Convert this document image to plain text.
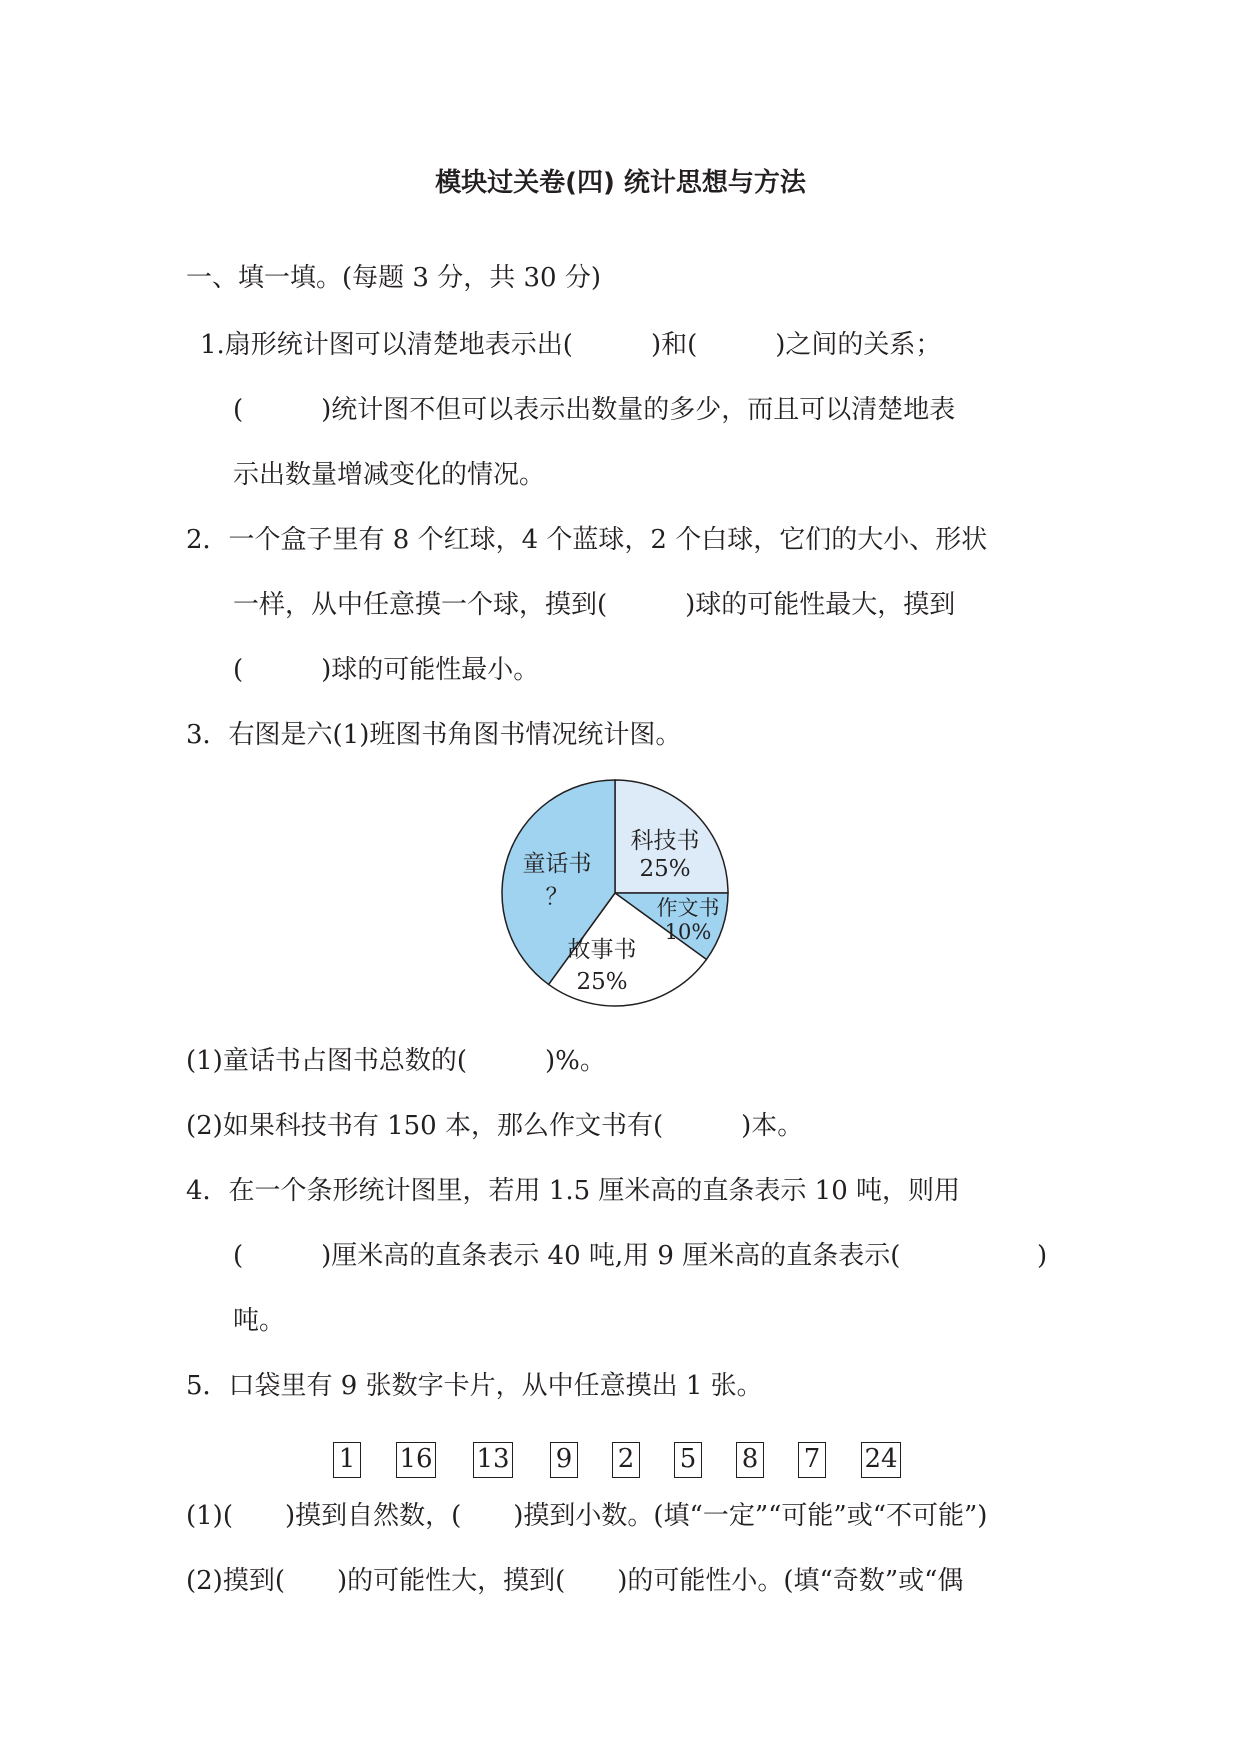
模块过关卷(四) 统计思想与方法
一、填一填。(每题 3 分，共 30 分)
1.扇形统计图可以清楚地表示出(　　　)和(　　　)之间的关系；
(　　　)统计图不但可以表示出数量的多少，而且可以清楚地表
示出数量增减变化的情况。
2．一个盒子里有 8 个红球，4 个蓝球，2 个白球，它们的大小、形状
一样，从中任意摸一个球，摸到(　　　)球的可能性最大，摸到
(　　　)球的可能性最小。
3．右图是六(1)班图书角图书情况统计图。
科技书
25%
作文书
10%
故事书
25%
童话书
？
(1)童话书占图书总数的(　　　)%。
(2)如果科技书有 150 本，那么作文书有(　　　)本。
4．在一个条形统计图里，若用 1.5 厘米高的直条表示 10 吨，则用
(　　　)厘米高的直条表示 40 吨,用 9 厘米高的直条表示(	)
吨。
5．口袋里有 9 张数字卡片，从中任意摸出 1 张。
1 16 13 9 2 5 8 7 24
(1)(　　)摸到自然数，(　　)摸到小数。(填“一定”“可能”或“不可能”)
(2)摸到(　　)的可能性大，摸到(　　)的可能性小。(填“奇数”或“偶
